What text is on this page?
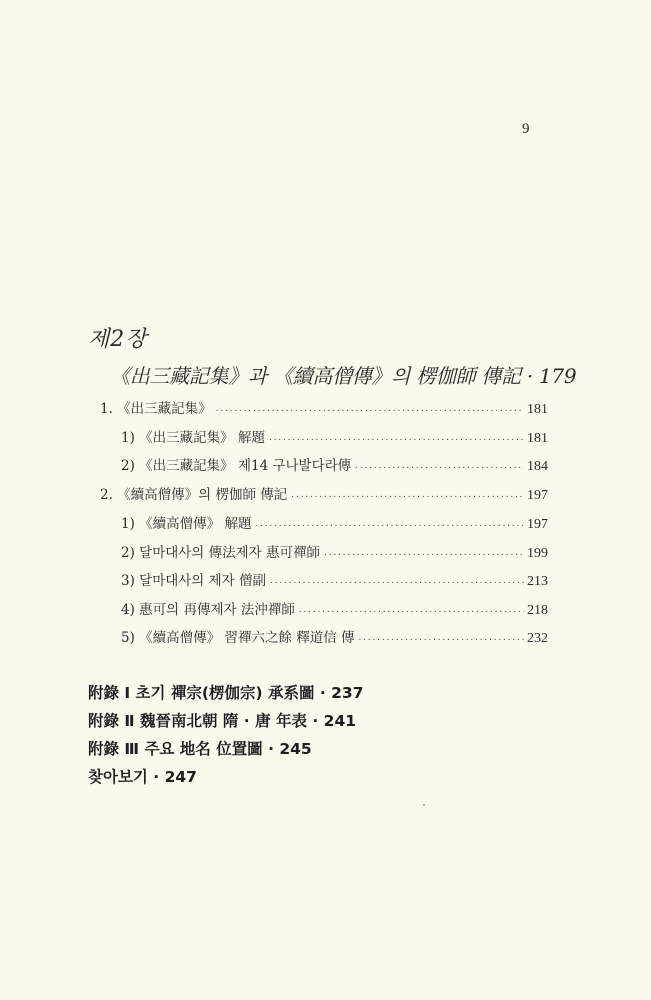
9
제2장
《出三藏記集》과 《續高僧傳》의 楞伽師 傳記 · 179
1. 《出三藏記集》 .....	181
1) 《出三藏記集》 解題 .....	181
2) 《出三藏記集》 제14 구나발다라傳 .....	184
2. 《續高僧傳》의 楞伽師 傳記 .....	197
1) 《續高僧傳》 解題 .....	197
2) 달마대사의 傳法제자 惠可禪師 .....	199
3) 달마대사의 제자 僧副 .....	213
4) 惠可의 再傳제자 法沖禪師 .....	218
5) 《續高僧傳》 習禪六之餘 釋道信 傳 .....	232
附錄 Ⅰ 초기 禪宗(楞伽宗) 承系圖 · 237
附錄 Ⅱ 魏晉南北朝 隋 · 唐 年表 · 241
附錄 Ⅲ 주요 地名 位置圖 · 245
찾아보기 · 247
